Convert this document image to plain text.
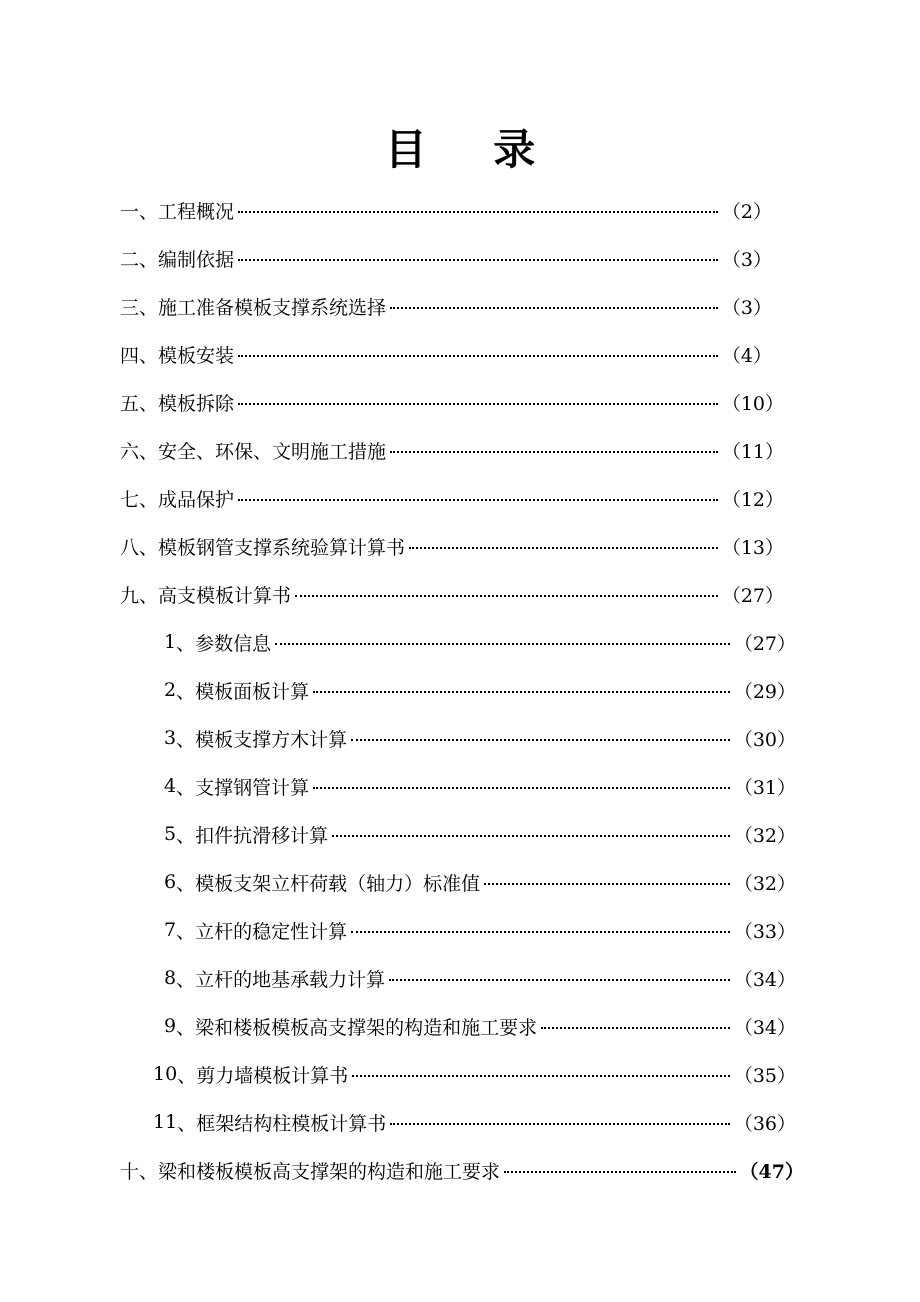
目 录
一 、 工程概况	（2）
二 、 编制依据	（3）
三 、 施工准备模板支撑系统选择	（3）
四 、 模板安装	（4）
五 、 模板拆除	（10）
六 、 安全、环保、文明施工措施	（11）
七 、 成品保护	（12）
八 、 模板钢管支撑系统验算计算书	（13）
九 、 高支模板计算书	（27）
1 、 参数信息	（27）
2 、 模板面板计算	（29）
3 、 模板支撑方木计算	（30）
4 、 支撑钢管计算	（31）
5 、 扣件抗滑移计算	（32）
6 、 模板支架立杆荷载（轴力）标准值	（32）
7 、 立杆的稳定性计算	（33）
8 、 立杆的地基承载力计算	（34）
9 、 梁和楼板模板高支撑架的构造和施工要求	（34）
10 、 剪力墙模板计算书	（35）
11 、 框架结构柱模板计算书	（36）
十 、 梁和楼板模板高支撑架的构造和施工要求	（47）
